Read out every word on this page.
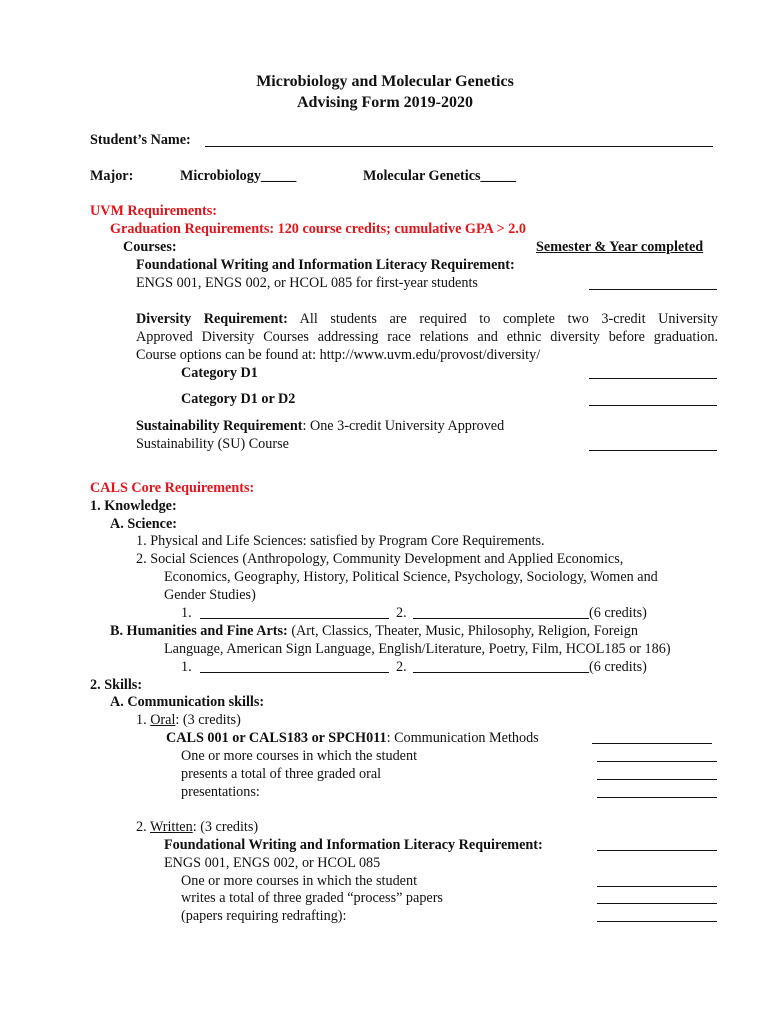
Microbiology and Molecular Genetics
Advising Form 2019-2020
Student’s Name:
Major:	Microbiology_____	Molecular Genetics_____
UVM Requirements:
Graduation Requirements: 120 course credits; cumulative GPA > 2.0
Courses:	Semester & Year completed
Foundational Writing and Information Literacy Requirement:
ENGS 001, ENGS 002, or HCOL 085 for first-year students
Diversity Requirement: All students are required to complete two 3-credit University
Approved Diversity Courses addressing race relations and ethnic diversity before graduation.
Course options can be found at: http://www.uvm.edu/provost/diversity/
Category D1
Category D1 or D2
Sustainability Requirement: One 3-credit University Approved
Sustainability (SU) Course
CALS Core Requirements:
1. Knowledge:
A. Science:
1. Physical and Life Sciences: satisfied by Program Core Requirements.
2. Social Sciences (Anthropology, Community Development and Applied Economics,
Economics, Geography, History, Political Science, Psychology, Sociology, Women and
Gender Studies)
1.	2.	(6 credits)
B. Humanities and Fine Arts: (Art, Classics, Theater, Music, Philosophy, Religion, Foreign
Language, American Sign Language, English/Literature, Poetry, Film, HCOL185 or 186)
1.	2.	(6 credits)
2. Skills:
A. Communication skills:
1. Oral: (3 credits)
CALS 001 or CALS183 or SPCH011: Communication Methods
One or more courses in which the student
presents a total of three graded oral
presentations:
2. Written: (3 credits)
Foundational Writing and Information Literacy Requirement:
ENGS 001, ENGS 002, or HCOL 085
One or more courses in which the student
writes a total of three graded “process” papers
(papers requiring redrafting):
